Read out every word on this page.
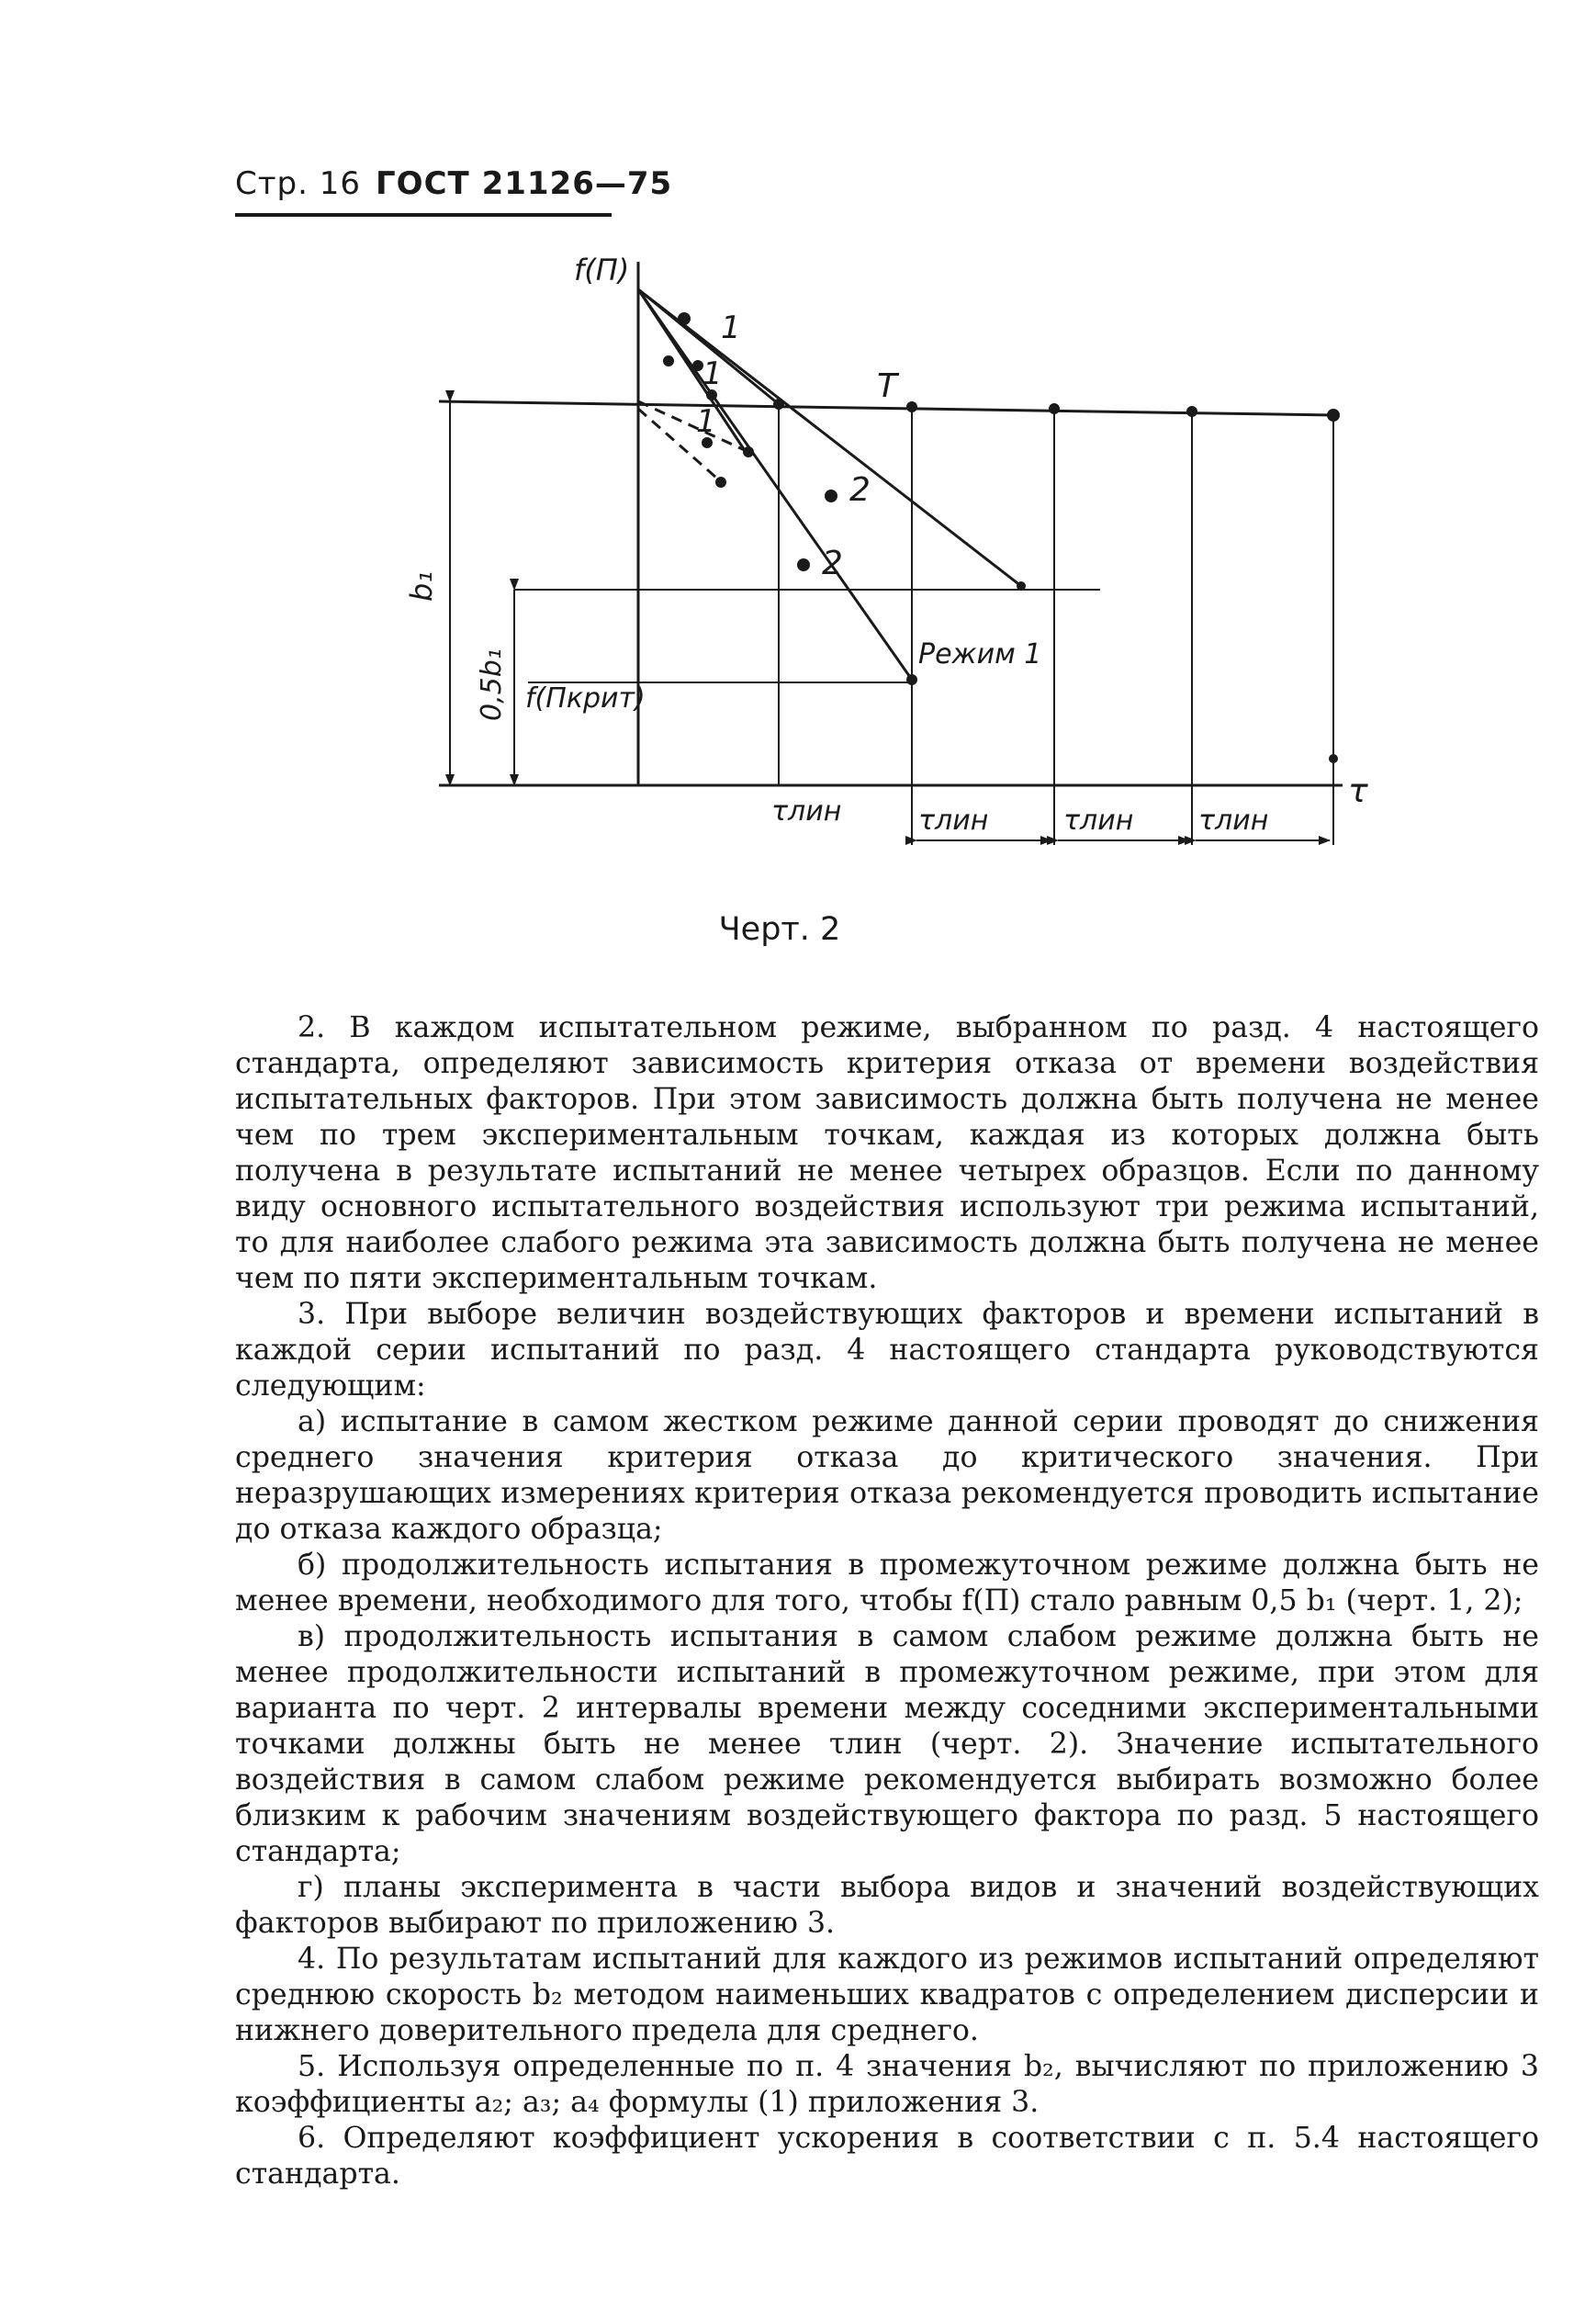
Стр. 16 ГОСТ 21126—75
f(П)
1
1
1
T
2
2
Режим 1
b₁
0,5b₁ f(Пкрит)
τлин	τлин	τлин τлин
τ
Черт. 2

2. В каждом испытательном режиме, выбранном по разд. 4 настоящего стандарта, определяют зависимость критерия отказа от времени воздействия испытательных факторов. При этом зависимость должна быть получена не менее чем по трем экспериментальным точкам, каждая из которых должна быть получена в результате испытаний не менее четырех образцов. Если по данному виду основного испытательного воздействия используют три режима испытаний, то для наиболее слабого режима эта зависимость должна быть получена не менее чем по пяти экспериментальным точкам.

3. При выборе величин воздействующих факторов и времени испытаний в каждой серии испытаний по разд. 4 настоящего стандарта руководствуются следующим:

а) испытание в самом жестком режиме данной серии проводят до снижения среднего значения критерия отказа до критического значения. При неразрушающих измерениях критерия отказа рекомендуется проводить испытание до отказа каждого образца;

б) продолжительность испытания в промежуточном режиме должна быть не менее времени, необходимого для того, чтобы f(П) стало равным 0,5 b₁ (черт. 1, 2);

в) продолжительность испытания в самом слабом режиме должна быть не менее продолжительности испытаний в промежуточном режиме, при этом для варианта по черт. 2 интервалы времени между соседними экспериментальными точками должны быть не менее τлин (черт. 2). Значение испытательного воздействия в самом слабом режиме рекомендуется выбирать возможно более близким к рабочим значениям воздействующего фактора по разд. 5 настоящего стандарта;

г) планы эксперимента в части выбора видов и значений воздействующих факторов выбирают по приложению 3.

4. По результатам испытаний для каждого из режимов испытаний определяют среднюю скорость b₂ методом наименьших квадратов с определением дисперсии и нижнего доверительного предела для среднего.

5. Используя определенные по п. 4 значения b₂, вычисляют по приложению 3 коэффициенты a₂; a₃; a₄ формулы (1) приложения 3.

6. Определяют коэффициент ускорения в соответствии с п. 5.4 настоящего стандарта.
